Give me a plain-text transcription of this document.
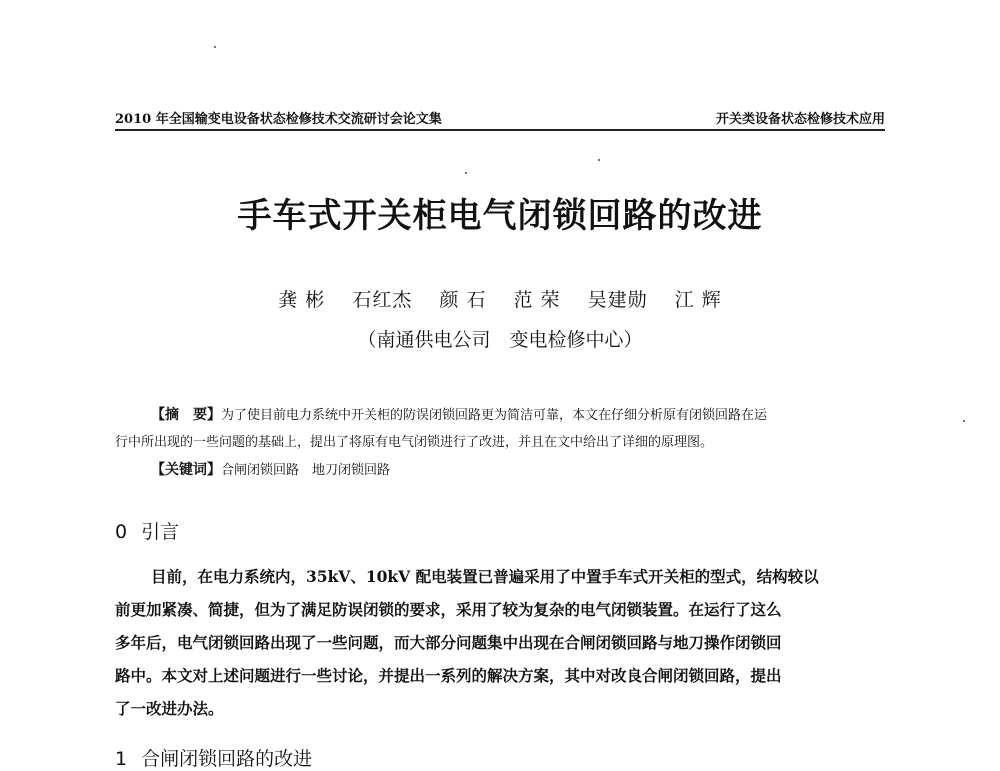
2010 年全国输变电设备状态检修技术交流研讨会论文集	开关类设备状态检修技术应用
手车式开关柜电气闭锁回路的改进
龚 彬 石红杰 颜 石 范 荣 吴建勋 江 辉
（南通供电公司　变电检修中心）
【摘　要】为了使目前电力系统中开关柜的防误闭锁回路更为简洁可靠，本文在仔细分析原有闭锁回路在运
行中所出现的一些问题的基础上，提出了将原有电气闭锁进行了改进，并且在文中给出了详细的原理图。
【关键词】合闸闭锁回路　地刀闭锁回路
0 引言
目前，在电力系统内，35kV、10kV 配电装置已普遍采用了中置手车式开关柜的型式，结构较以
前更加紧凑、简捷，但为了满足防误闭锁的要求，采用了较为复杂的电气闭锁装置。在运行了这么
多年后，电气闭锁回路出现了一些问题，而大部分问题集中出现在合闸闭锁回路与地刀操作闭锁回
路中。本文对上述问题进行一些讨论，并提出一系列的解决方案，其中对改良合闸闭锁回路，提出
了一改进办法。
1 合闸闭锁回路的改进
